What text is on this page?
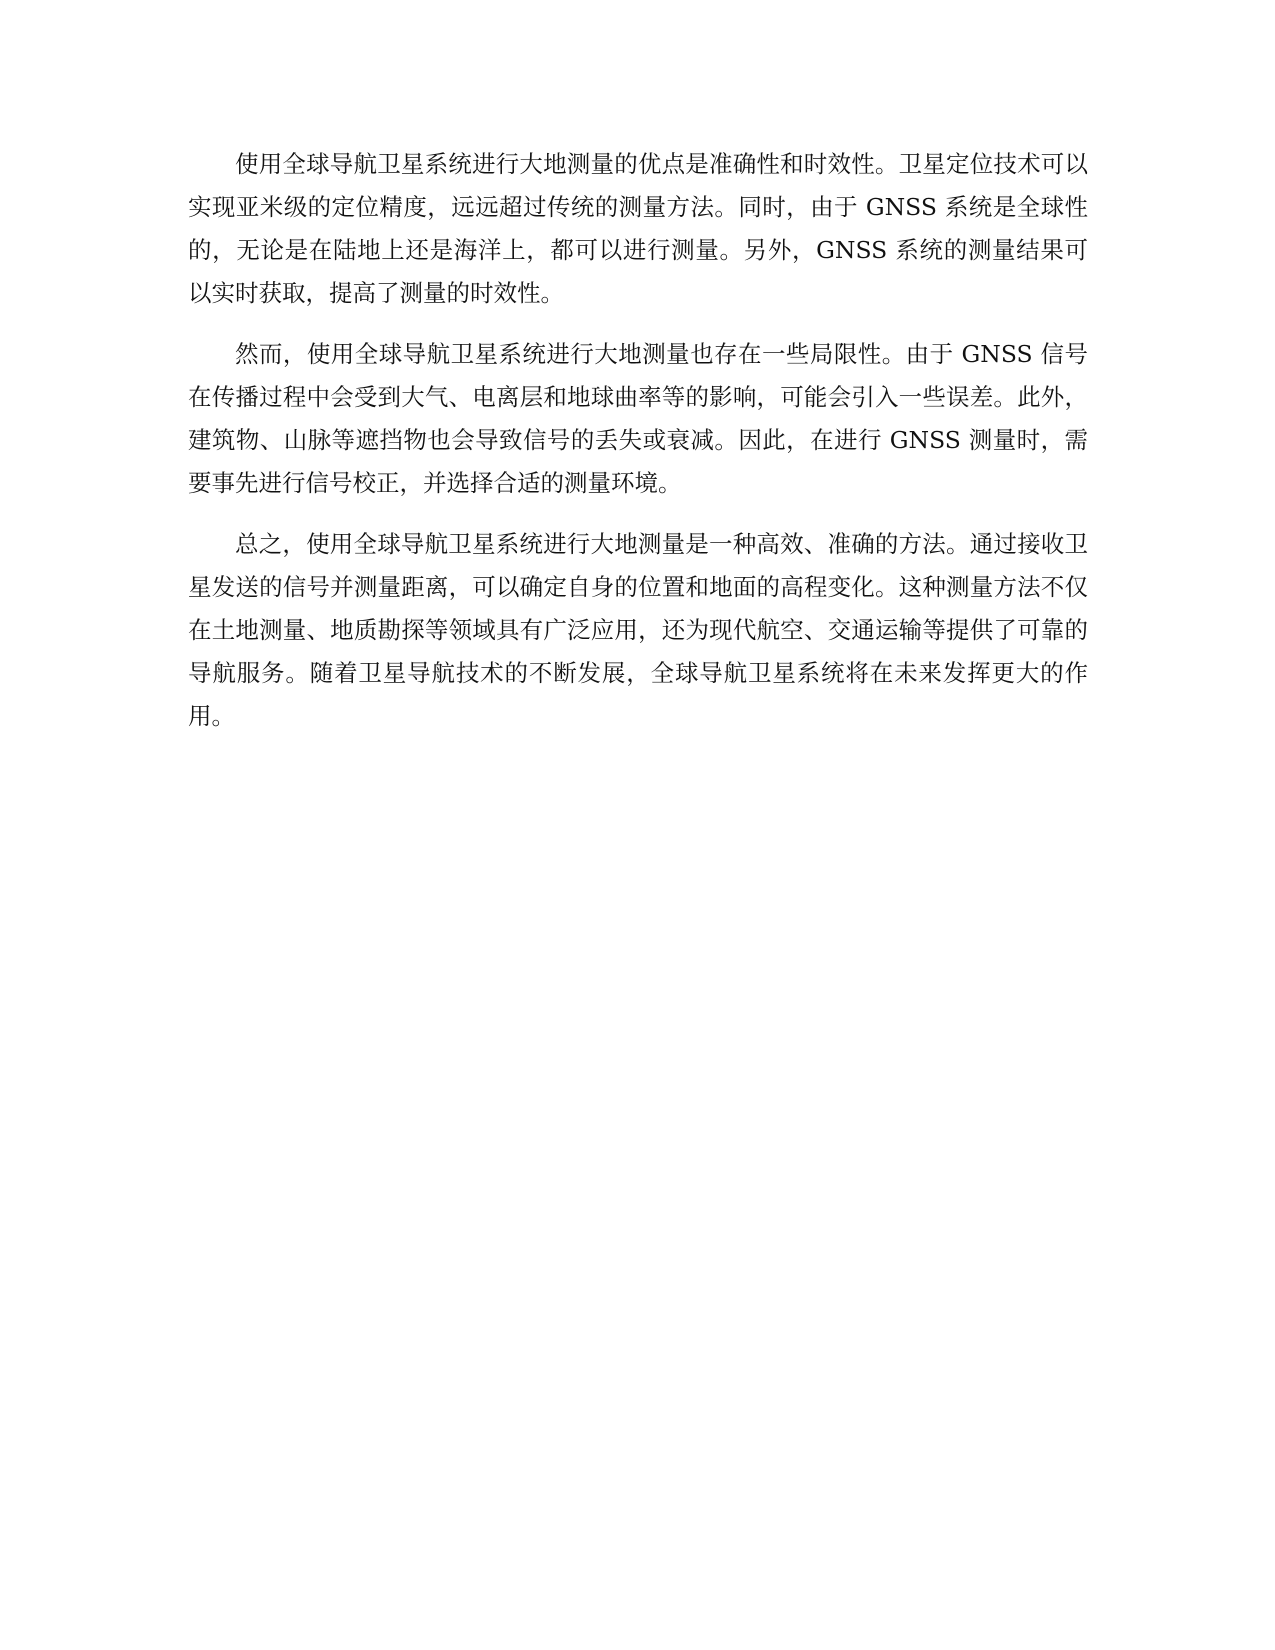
使用全球导航卫星系统进行大地测量的优点是准确性和时效性。卫星定位技术可以实现亚米级的定位精度，远远超过传统的测量方法。同时，由于 GNSS 系统是全球性的，无论是在陆地上还是海洋上，都可以进行测量。另外，GNSS 系统的测量结果可以实时获取，提高了测量的时效性。

然而，使用全球导航卫星系统进行大地测量也存在一些局限性。由于 GNSS 信号在传播过程中会受到大气、电离层和地球曲率等的影响，可能会引入一些误差。此外，建筑物、山脉等遮挡物也会导致信号的丢失或衰减。因此，在进行 GNSS 测量时，需要事先进行信号校正，并选择合适的测量环境。

总之，使用全球导航卫星系统进行大地测量是一种高效、准确的方法。通过接收卫星发送的信号并测量距离，可以确定自身的位置和地面的高程变化。这种测量方法不仅在土地测量、地质勘探等领域具有广泛应用，还为现代航空、交通运输等提供了可靠的导航服务。随着卫星导航技术的不断发展，全球导航卫星系统将在未来发挥更大的作用。
